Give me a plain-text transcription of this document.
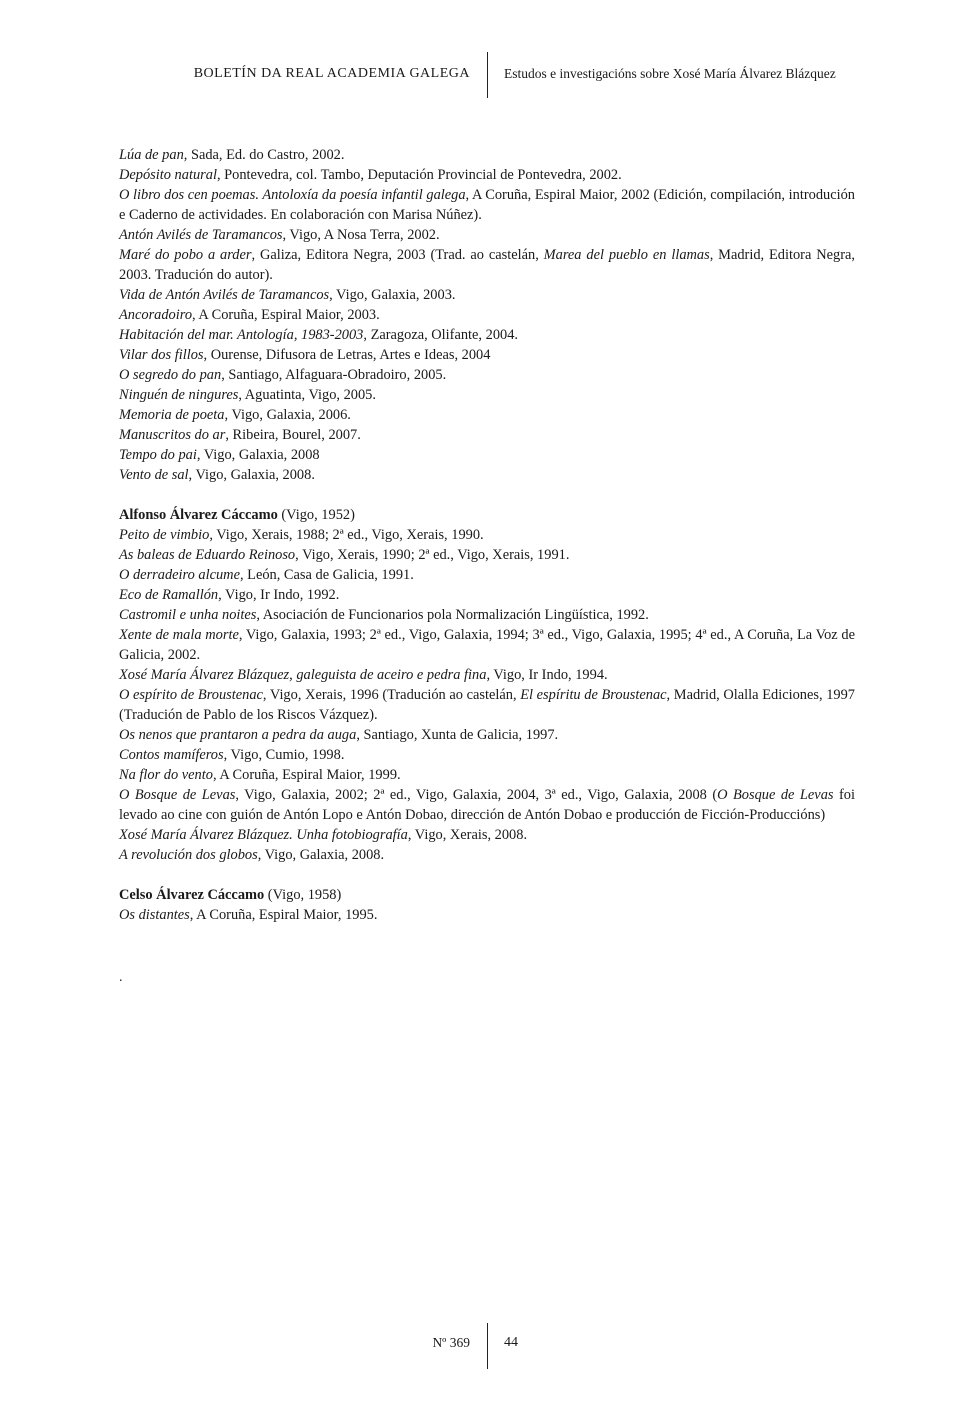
BOLETÍN DA REAL ACADEMIA GALEGA	Estudos e investigacións sobre Xosé María Álvarez Blázquez

Lúa de pan, Sada, Ed. do Castro, 2002.

Depósito natural, Pontevedra, col. Tambo, Deputación Provincial de Pontevedra, 2002.

O libro dos cen poemas. Antoloxía da poesía infantil galega, A Coruña, Espiral Maior, 2002 (Edición, compilación, introdución e Caderno de actividades. En colaboración con Marisa Núñez).

Antón Avilés de Taramancos, Vigo, A Nosa Terra, 2002.

Maré do pobo a arder, Galiza, Editora Negra, 2003 (Trad. ao castelán, Marea del pueblo en llamas, Madrid, Editora Negra, 2003. Tradución do autor).

Vida de Antón Avilés de Taramancos, Vigo, Galaxia, 2003.

Ancoradoiro, A Coruña, Espiral Maior, 2003.

Habitación del mar. Antología, 1983-2003, Zaragoza, Olifante, 2004.

Vilar dos fillos, Ourense, Difusora de Letras, Artes e Ideas, 2004

O segredo do pan, Santiago, Alfaguara-Obradoiro, 2005.

Ninguén de ningures, Aguatinta, Vigo, 2005.

Memoria de poeta, Vigo, Galaxia, 2006.

Manuscritos do ar, Ribeira, Bourel, 2007.

Tempo do pai, Vigo, Galaxia, 2008

Vento de sal, Vigo, Galaxia, 2008.

Alfonso Álvarez Cáccamo (Vigo, 1952)

Peito de vimbio, Vigo, Xerais, 1988; 2ª ed., Vigo, Xerais, 1990.

As baleas de Eduardo Reinoso, Vigo, Xerais, 1990; 2ª ed., Vigo, Xerais, 1991.

O derradeiro alcume, León, Casa de Galicia, 1991.

Eco de Ramallón, Vigo, Ir Indo, 1992.

Castromil e unha noites, Asociación de Funcionarios pola Normalización Lingüística, 1992.

Xente de mala morte, Vigo, Galaxia, 1993; 2ª ed., Vigo, Galaxia, 1994; 3ª ed., Vigo, Galaxia, 1995; 4ª ed., A Coruña, La Voz de Galicia, 2002.

Xosé María Álvarez Blázquez, galeguista de aceiro e pedra fina, Vigo, Ir Indo, 1994.

O espírito de Broustenac, Vigo, Xerais, 1996 (Tradución ao castelán, El espíritu de Broustenac, Madrid, Olalla Ediciones, 1997 (Tradución de Pablo de los Riscos Vázquez).

Os nenos que prantaron a pedra da auga, Santiago, Xunta de Galicia, 1997.

Contos mamíferos, Vigo, Cumio, 1998.

Na flor do vento, A Coruña, Espiral Maior, 1999.

O Bosque de Levas, Vigo, Galaxia, 2002; 2ª ed., Vigo, Galaxia, 2004, 3ª ed., Vigo, Galaxia, 2008 (O Bosque de Levas foi levado ao cine con guión de Antón Lopo e Antón Dobao, dirección de Antón Dobao e producción de Ficción-Produccións)

Xosé María Álvarez Blázquez. Unha fotobiografía, Vigo, Xerais, 2008.

A revolución dos globos, Vigo, Galaxia, 2008.

Celso Álvarez Cáccamo (Vigo, 1958)

Os distantes, A Coruña, Espiral Maior, 1995.

.
Nº 369 44
